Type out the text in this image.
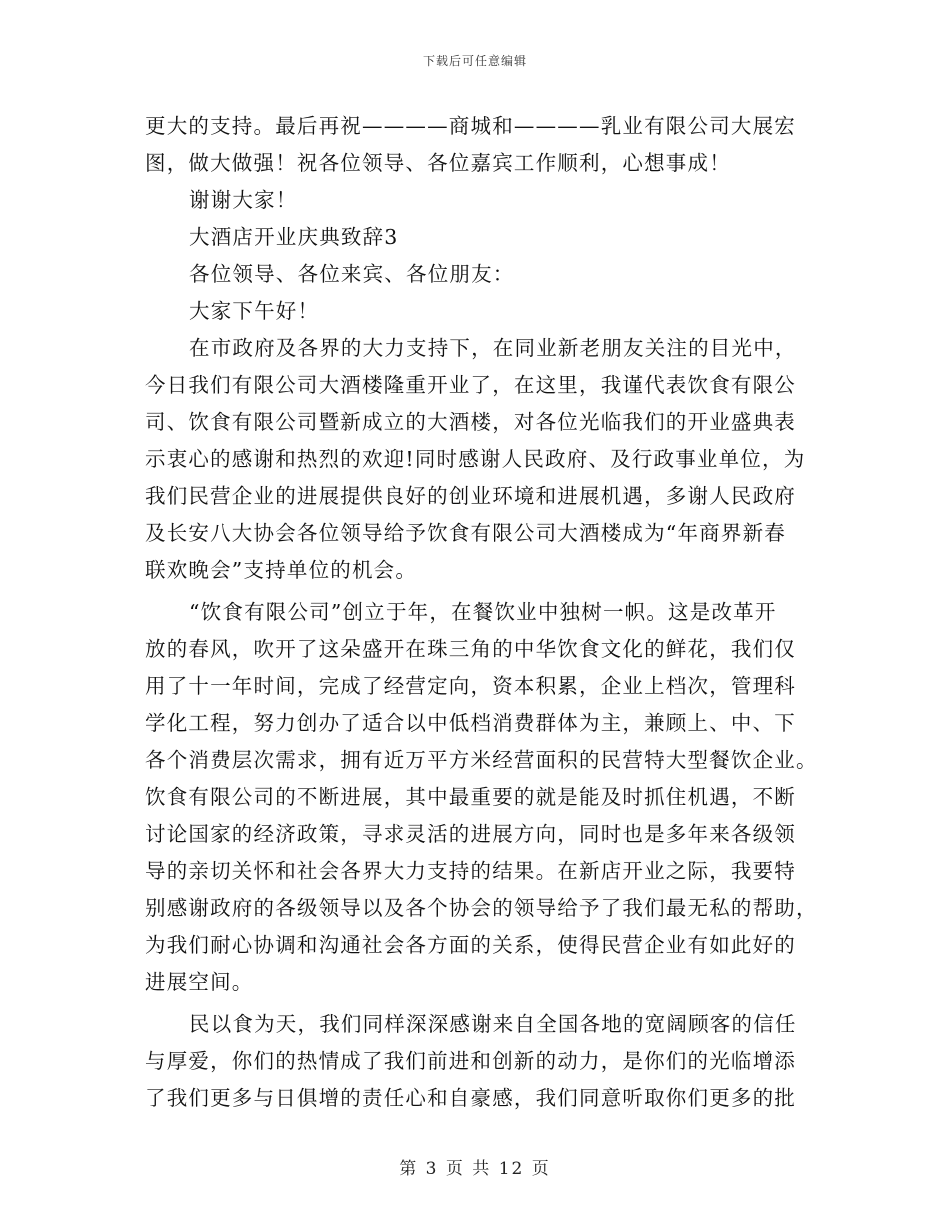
下载后可任意编辑
更大的支持。最后再祝————商城和————乳业有限公司大展宏
图，做大做强！祝各位领导、各位嘉宾工作顺利，心想事成！
谢谢大家！
大酒店开业庆典致辞3
各位领导、各位来宾、各位朋友：
大家下午好！
在市政府及各界的大力支持下，在同业新老朋友关注的目光中，
今日我们有限公司大酒楼隆重开业了，在这里，我谨代表饮食有限公
司、饮食有限公司暨新成立的大酒楼，对各位光临我们的开业盛典表
示衷心的感谢和热烈的欢迎!同时感谢人民政府、及行政事业单位，为
我们民营企业的进展提供良好的创业环境和进展机遇，多谢人民政府
及长安八大协会各位领导给予饮食有限公司大酒楼成为“年商界新春
联欢晚会”支持单位的机会。
“饮食有限公司”创立于年，在餐饮业中独树一帜。这是改革开
放的春风，吹开了这朵盛开在珠三角的中华饮食文化的鲜花，我们仅
用了十一年时间，完成了经营定向，资本积累，企业上档次，管理科
学化工程，努力创办了适合以中低档消费群体为主，兼顾上、中、下
各个消费层次需求，拥有近万平方米经营面积的民营特大型餐饮企业。
饮食有限公司的不断进展，其中最重要的就是能及时抓住机遇，不断
讨论国家的经济政策，寻求灵活的进展方向，同时也是多年来各级领
导的亲切关怀和社会各界大力支持的结果。在新店开业之际，我要特
别感谢政府的各级领导以及各个协会的领导给予了我们最无私的帮助，
为我们耐心协调和沟通社会各方面的关系，使得民营企业有如此好的
进展空间。
民以食为天，我们同样深深感谢来自全国各地的宽阔顾客的信任
与厚爱，你们的热情成了我们前进和创新的动力，是你们的光临增添
了我们更多与日俱增的责任心和自豪感，我们同意听取你们更多的批
第 3 页 共 12 页
